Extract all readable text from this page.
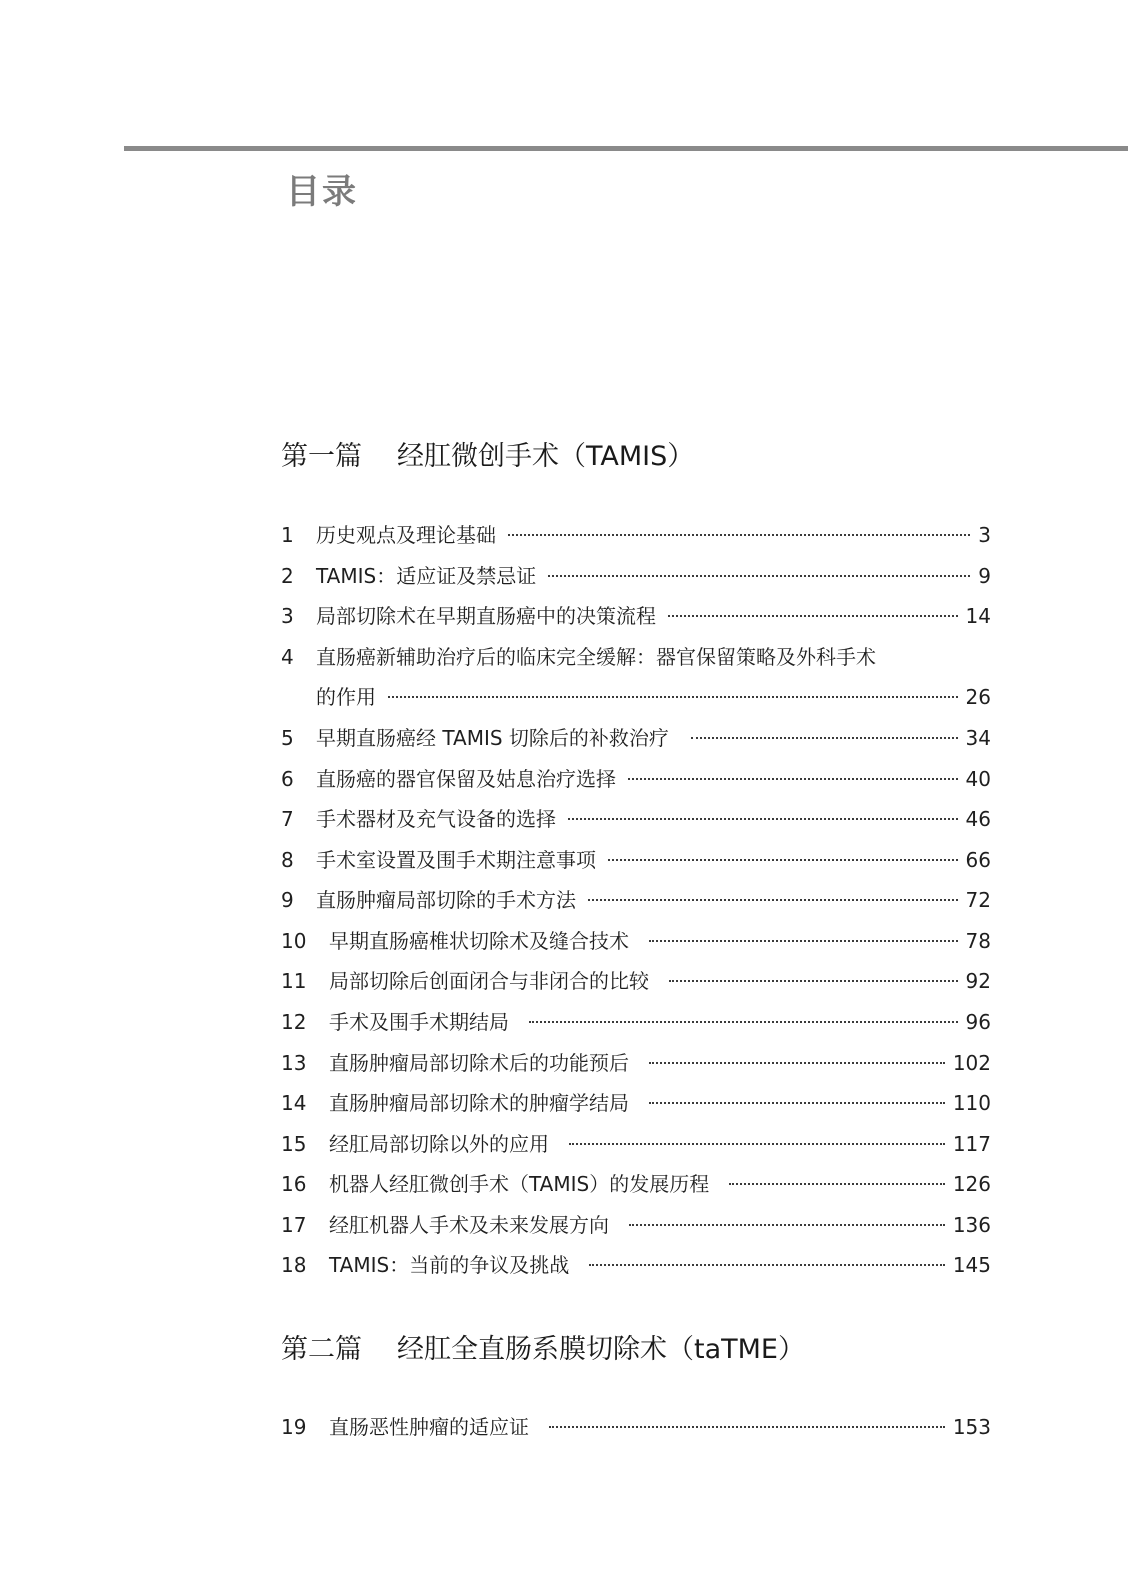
目录
第一篇 经肛微创手术（TAMIS）
1	历史观点及理论基础	3
2	TAMIS：适应证及禁忌证	9
3	局部切除术在早期直肠癌中的决策流程	14
4	直肠癌新辅助治疗后的临床完全缓解：器官保留策略及外科手术
的作用	26
5	早期直肠癌经 TAMIS 切除后的补救治疗	34
6	直肠癌的器官保留及姑息治疗选择	40
7	手术器材及充气设备的选择	46
8	手术室设置及围手术期注意事项	66
9	直肠肿瘤局部切除的手术方法	72
10	早期直肠癌椎状切除术及缝合技术	78
11	局部切除后创面闭合与非闭合的比较	92
12	手术及围手术期结局	96
13	直肠肿瘤局部切除术后的功能预后	102
14	直肠肿瘤局部切除术的肿瘤学结局	110
15	经肛局部切除以外的应用	117
16	机器人经肛微创手术（TAMIS）的发展历程	126
17	经肛机器人手术及未来发展方向	136
18	TAMIS：当前的争议及挑战	145
第二篇 经肛全直肠系膜切除术（taTME）
19	直肠恶性肿瘤的适应证	153
